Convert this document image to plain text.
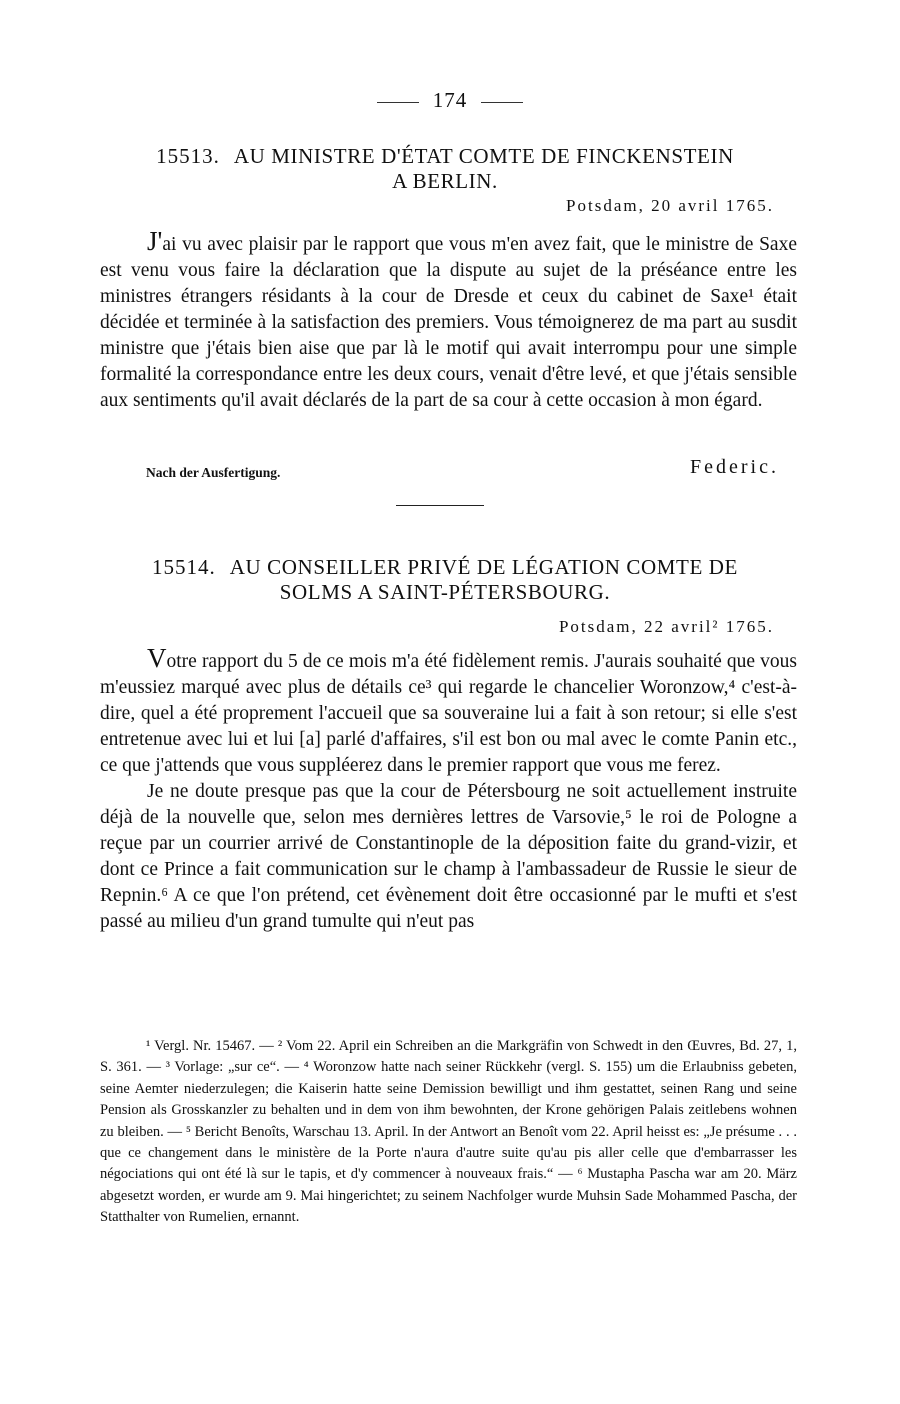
174
15513. AU MINISTRE D'ÉTAT COMTE DE FINCKENSTEIN
A BERLIN.
Potsdam, 20 avril 1765.

J'ai vu avec plaisir par le rapport que vous m'en avez fait, que le ministre de Saxe est venu vous faire la déclaration que la dispute au sujet de la préséance entre les ministres étrangers résidants à la cour de Dresde et ceux du cabinet de Saxe¹ était décidée et terminée à la satisfaction des premiers. Vous témoignerez de ma part au susdit ministre que j'étais bien aise que par là le motif qui avait interrompu pour une simple formalité la correspondance entre les deux cours, venait d'être levé, et que j'étais sensible aux sentiments qu'il avait déclarés de la part de sa cour à cette occasion à mon égard.

Nach der Ausfertigung.	Federic.
15514. AU CONSEILLER PRIVÉ DE LÉGATION COMTE DE
SOLMS A SAINT-PÉTERSBOURG.
Potsdam, 22 avril² 1765.

Votre rapport du 5 de ce mois m'a été fidèlement remis. J'aurais souhaité que vous m'eussiez marqué avec plus de détails ce³ qui regarde le chancelier Woronzow,⁴ c'est-à-dire, quel a été proprement l'accueil que sa souveraine lui a fait à son retour; si elle s'est entretenue avec lui et lui [a] parlé d'affaires, s'il est bon ou mal avec le comte Panin etc., ce que j'attends que vous suppléerez dans le premier rapport que vous me ferez.

Je ne doute presque pas que la cour de Pétersbourg ne soit actuellement instruite déjà de la nouvelle que, selon mes dernières lettres de Varsovie,⁵ le roi de Pologne a reçue par un courrier arrivé de Constantinople de la déposition faite du grand-vizir, et dont ce Prince a fait communication sur le champ à l'ambassadeur de Russie le sieur de Repnin.⁶ A ce que l'on prétend, cet évènement doit être occasionné par le mufti et s'est passé au milieu d'un grand tumulte qui n'eut pas

¹ Vergl. Nr. 15467. — ² Vom 22. April ein Schreiben an die Markgräfin von Schwedt in den Œuvres, Bd. 27, 1, S. 361. — ³ Vorlage: „sur ce“. — ⁴ Woronzow hatte nach seiner Rückkehr (vergl. S. 155) um die Erlaubniss gebeten, seine Aemter niederzulegen; die Kaiserin hatte seine Demission bewilligt und ihm gestattet, seinen Rang und seine Pension als Grosskanzler zu behalten und in dem von ihm bewohnten, der Krone gehörigen Palais zeitlebens wohnen zu bleiben. — ⁵ Bericht Benoîts, Warschau 13. April. In der Antwort an Benoît vom 22. April heisst es: „Je présume . . . que ce changement dans le ministère de la Porte n'aura d'autre suite qu'au pis aller celle que d'embarrasser les négociations qui ont été là sur le tapis, et d'y commencer à nouveaux frais.“ — ⁶ Mustapha Pascha war am 20. März abgesetzt worden, er wurde am 9. Mai hingerichtet; zu seinem Nachfolger wurde Muhsin Sade Mohammed Pascha, der Statthalter von Rumelien, ernannt.
